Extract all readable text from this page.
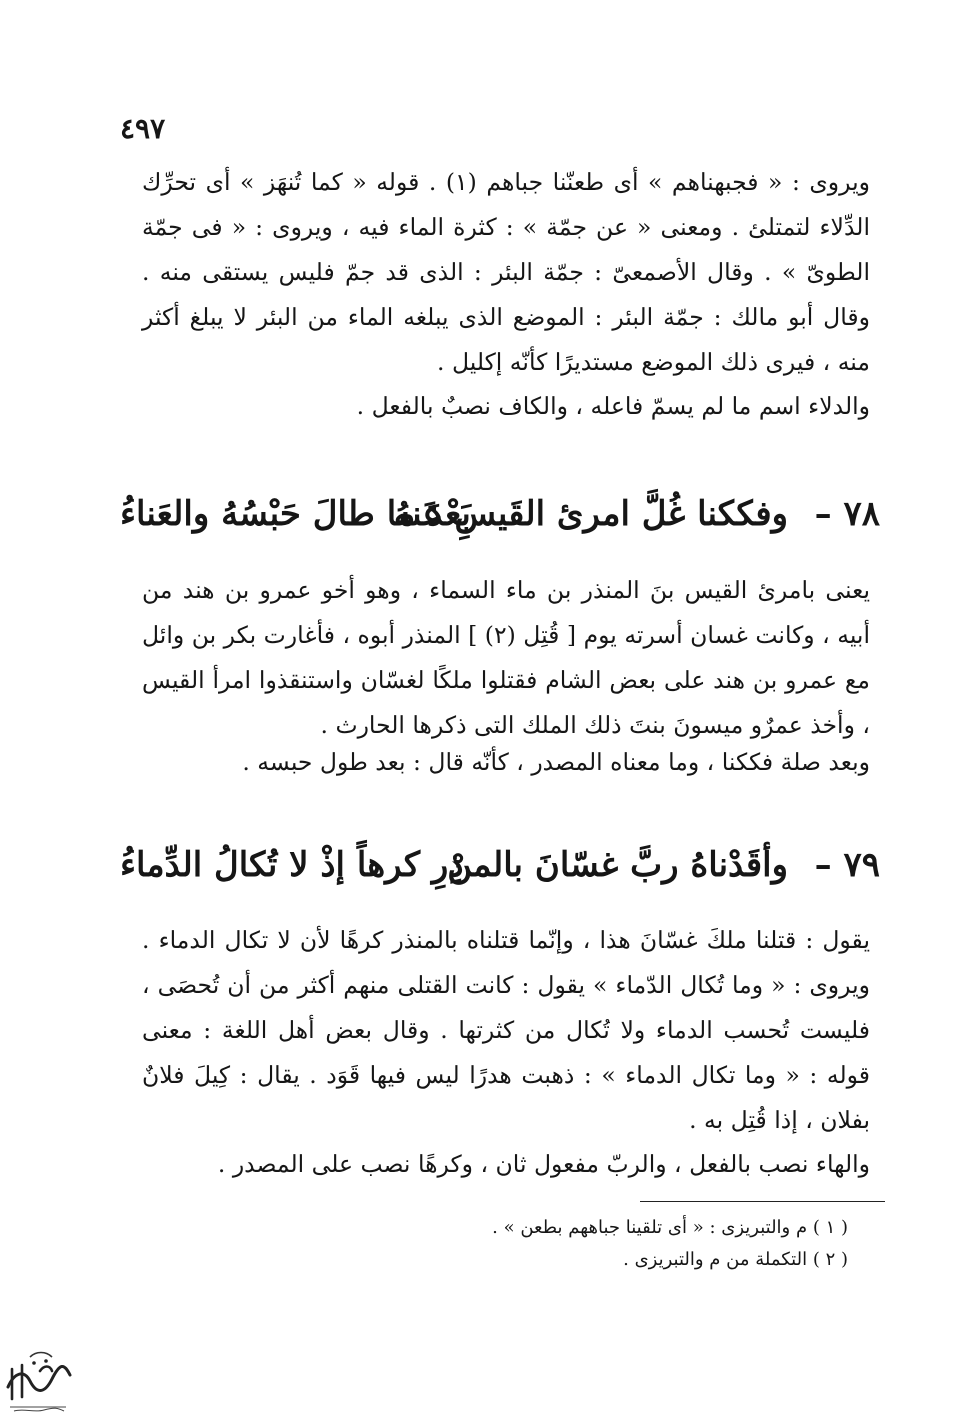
٤٩٧
ويروى : « فجبهناهم » أى طعنّنا جباهم (١) . قوله « كما تُنهَز » أى تحرِّك الدِّلاء لتمتلئ . ومعنى « عن جمّة » : كثرة الماء فيه ، ويروى : « فى جمّة الطوىّ » . وقال الأصمعىّ : جمّة البئر : الذى قد جمّ فليس يستقى منه . وقال أبو مالك : جمّة البئر : الموضع الذى يبلغه الماء من البئر لا يبلغ أكثر منه ، فيرى ذلك الموضع مستديرًا كأنّه إكليل .
والدلاء اسم ما لم يسمّ فاعله ، والكاف نصبٌ بالفعل .
٧٨ –
وفككنا غُلَّ امرئ القَيسِ عَنهُ
بَعْدَ ما طالَ حَبْسُهُ والعَناءُ
يعنى بامرئ القيس بنَ المنذر بن ماء السماء ، وهو أخو عمرو بن هند من أبيه ، وكانت غسان أسرته يوم [ قُتِل (٢) ] المنذر أبوه ، فأغارت بكر بن وائل مع عمرو بن هند على بعض الشام فقتلوا ملكًا لغسّان واستنقذوا امرأ القيس ، وأخذ عمرٌو ميسونَ بنتَ ذلك الملك التى ذكرها الحارث .
وبعد صلة فككنا ، وما معناه المصدر ، كأنّه قال : بعد طول حبسه .
٧٩ –
وأقَدْناهُ ربَّ غسّانَ بالمنْ
ذِرِ كرهاً إذْ لا تُكالُ الدِّماءُ
يقول : قتلنا ملكَ غسّانَ هذا ، وإنّما قتلناه بالمنذر كرهًا لأن لا تكال الدماء . ويروى : « وما تُكال الدّماء » يقول : كانت القتلى منهم أكثر من أن تُحصَى ، فليست تُحسب الدماء ولا تُكال من كثرتها . وقال بعض أهل اللغة : معنى قوله : « وما تكال الدماء » : ذهبت هدرًا ليس فيها قَوَد . يقال : كِيلَ فلانٌ بفلان ، إذا قُتِل به .
والهاء نصب بالفعل ، والربّ مفعول ثان ، وكرهًا نصب على المصدر .
( ١ ) م والتبريزى : « أى تلقينا جباههم بطعن » .
( ٢ ) التكملة من م والتبريزى .
